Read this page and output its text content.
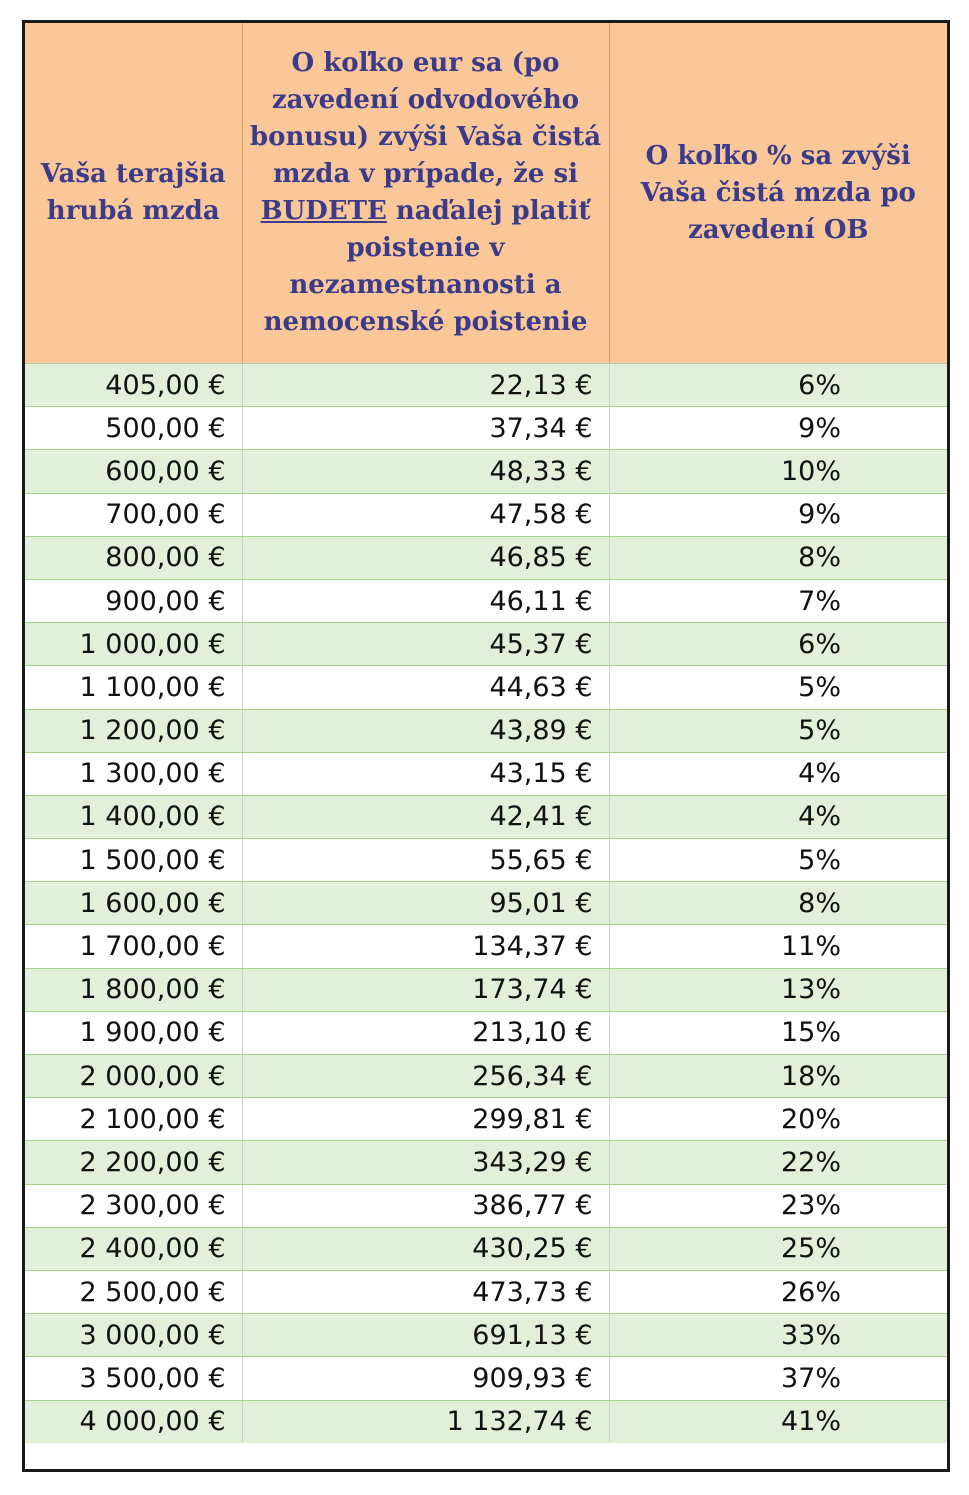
Vaša terajšia hrubá mzda	O koľko eur sa (po zavedení odvodového bonusu) zvýši Vaša čistá mzda v prípade, že si BUDETE naďalej platiť poistenie v nezamestnanosti a nemocenské poistenie	O koľko % sa zvýši Vaša čistá mzda po zavedení OB
405,00 €	22,13 €	6%
500,00 €	37,34 €	9%
600,00 €	48,33 €	10%
700,00 €	47,58 €	9%
800,00 €	46,85 €	8%
900,00 €	46,11 €	7%
1 000,00 €	45,37 €	6%
1 100,00 €	44,63 €	5%
1 200,00 €	43,89 €	5%
1 300,00 €	43,15 €	4%
1 400,00 €	42,41 €	4%
1 500,00 €	55,65 €	5%
1 600,00 €	95,01 €	8%
1 700,00 €	134,37 €	11%
1 800,00 €	173,74 €	13%
1 900,00 €	213,10 €	15%
2 000,00 €	256,34 €	18%
2 100,00 €	299,81 €	20%
2 200,00 €	343,29 €	22%
2 300,00 €	386,77 €	23%
2 400,00 €	430,25 €	25%
2 500,00 €	473,73 €	26%
3 000,00 €	691,13 €	33%
3 500,00 €	909,93 €	37%
4 000,00 €	1 132,74 €	41%
